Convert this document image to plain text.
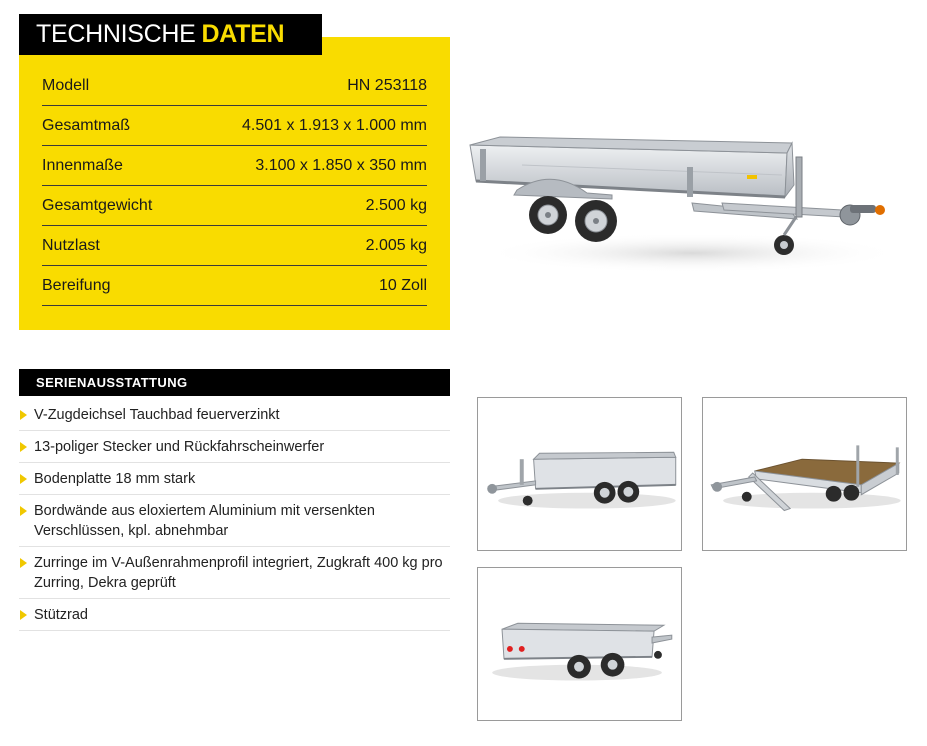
TECHNISCHE DATEN
Modell	HN 253118
Gesamtmaß	4.501 x 1.913 x 1.000 mm
Innenmaße	3.100 x 1.850 x 350 mm
Gesamtgewicht	2.500 kg
Nutzlast	2.005 kg
Bereifung	10 Zoll
SERIENAUSSTATTUNG
V-Zugdeichsel Tauchbad feuerverzinkt
13-poliger Stecker und Rückfahrscheinwerfer
Bodenplatte 18 mm stark
Bordwände aus eloxiertem Aluminium mit versenkten Verschlüssen, kpl. abnehmbar
Zurringe im V-Außenrahmenprofil integriert, Zugkraft 400 kg pro Zurring, Dekra geprüft
Stützrad
